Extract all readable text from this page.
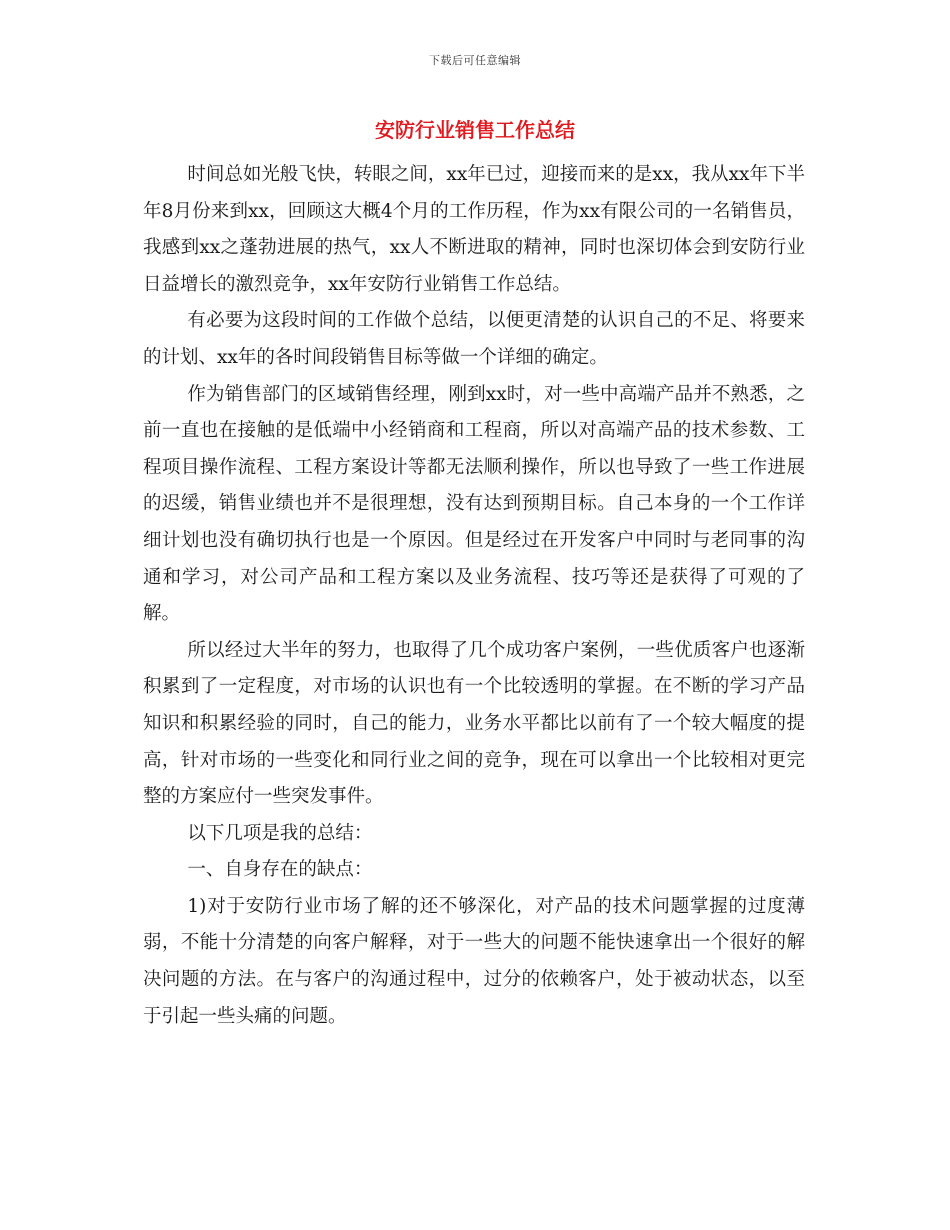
下载后可任意编辑
安防行业销售工作总结

时间总如光般飞快，转眼之间，xx年已过，迎接而来的是xx，我从xx年下半年8月份来到xx，回顾这大概4个月的工作历程，作为xx有限公司的一名销售员，我感到xx之蓬勃进展的热气，xx人不断进取的精神，同时也深切体会到安防行业日益增长的激烈竞争，xx年安防行业销售工作总结。

有必要为这段时间的工作做个总结，以便更清楚的认识自己的不足、将要来的计划、xx年的各时间段销售目标等做一个详细的确定。

作为销售部门的区域销售经理，刚到xx时，对一些中高端产品并不熟悉，之前一直也在接触的是低端中小经销商和工程商，所以对高端产品的技术参数、工程项目操作流程、工程方案设计等都无法顺利操作，所以也导致了一些工作进展的迟缓，销售业绩也并不是很理想，没有达到预期目标。自己本身的一个工作详细计划也没有确切执行也是一个原因。但是经过在开发客户中同时与老同事的沟通和学习，对公司产品和工程方案以及业务流程、技巧等还是获得了可观的了解。

所以经过大半年的努力，也取得了几个成功客户案例，一些优质客户也逐渐积累到了一定程度，对市场的认识也有一个比较透明的掌握。在不断的学习产品知识和积累经验的同时，自己的能力，业务水平都比以前有了一个较大幅度的提高，针对市场的一些变化和同行业之间的竞争，现在可以拿出一个比较相对更完整的方案应付一些突发事件。

以下几项是我的总结：

一、自身存在的缺点：

1)对于安防行业市场了解的还不够深化，对产品的技术问题掌握的过度薄弱，不能十分清楚的向客户解释，对于一些大的问题不能快速拿出一个很好的解决问题的方法。在与客户的沟通过程中，过分的依赖客户，处于被动状态，以至于引起一些头痛的问题。
